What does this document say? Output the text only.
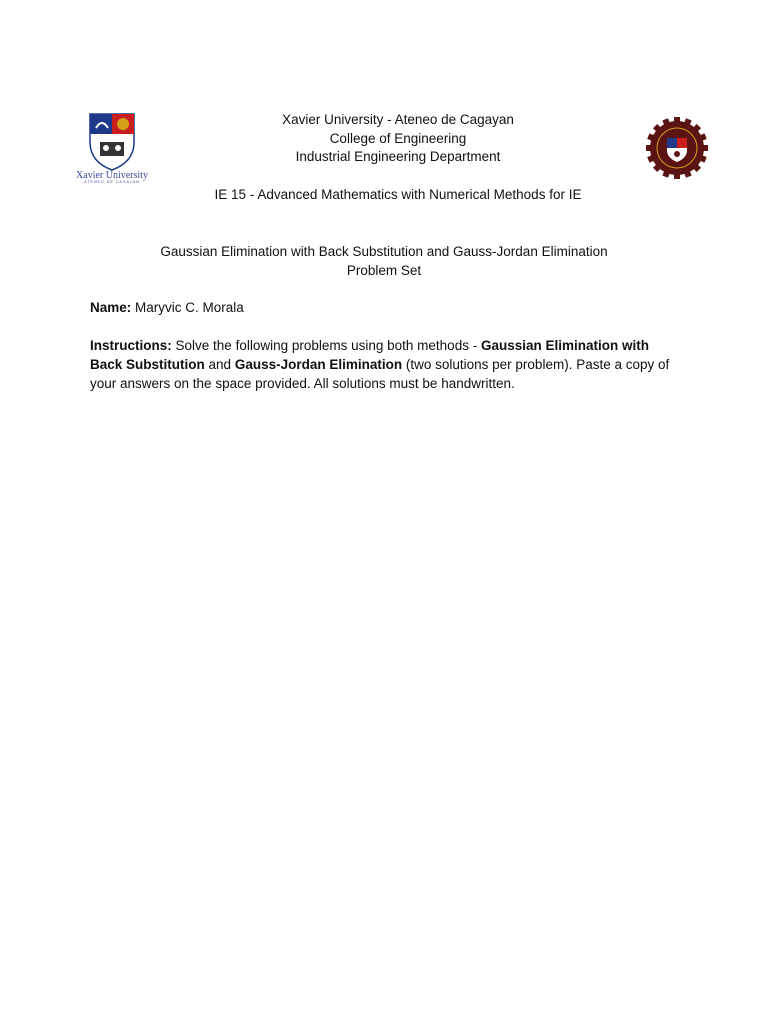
Xavier University
ATENEO DE CAGAYAN
Xavier University - Ateneo de Cagayan
College of Engineering
Industrial Engineering Department
IE 15 - Advanced Mathematics with Numerical Methods for IE
Gaussian Elimination with Back Substitution and Gauss-Jordan Elimination
Problem Set
Name: Maryvic C. Morala
Instructions: Solve the following problems using both methods - Gaussian Elimination with Back Substitution and Gauss-Jordan Elimination (two solutions per problem). Paste a copy of your answers on the space provided. All solutions must be handwritten.
